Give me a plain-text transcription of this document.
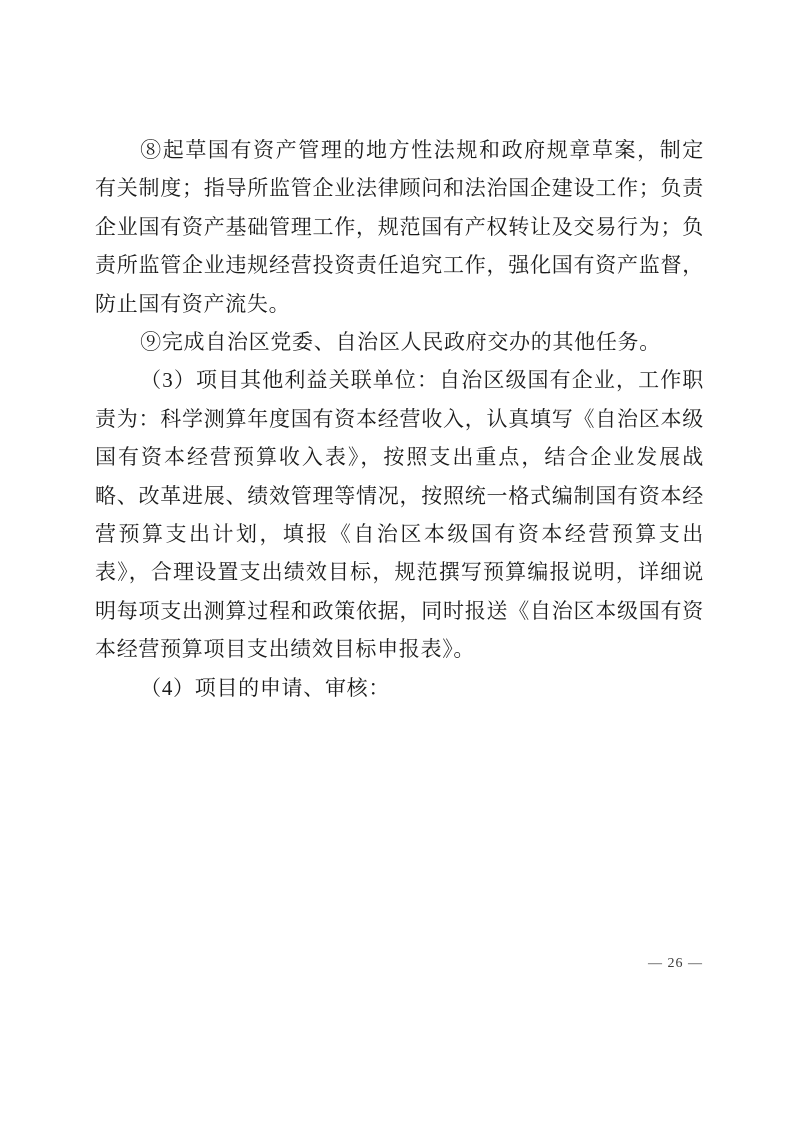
⑧起草国有资产管理的地方性法规和政府规章草案，制定有关制度；指导所监管企业法律顾问和法治国企建设工作；负责企业国有资产基础管理工作，规范国有产权转让及交易行为；负责所监管企业违规经营投资责任追究工作，强化国有资产监督，防止国有资产流失。

⑨完成自治区党委、自治区人民政府交办的其他任务。

（3）项目其他利益关联单位：自治区级国有企业，工作职责为：科学测算年度国有资本经营收入，认真填写《自治区本级国有资本经营预算收入表》，按照支出重点，结合企业发展战略、改革进展、绩效管理等情况，按照统一格式编制国有资本经营预算支出计划，填报《自治区本级国有资本经营预算支出表》，合理设置支出绩效目标，规范撰写预算编报说明，详细说明每项支出测算过程和政策依据，同时报送《自治区本级国有资本经营预算项目支出绩效目标申报表》。

（4）项目的申请、审核：

— 26 —
